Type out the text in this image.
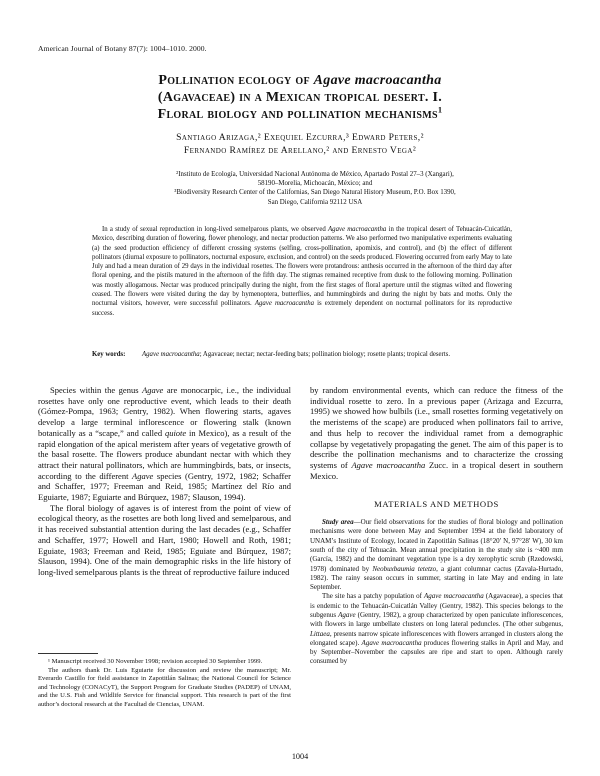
American Journal of Botany 87(7): 1004–1010. 2000.
Pollination ecology of Agave macroacantha
(Agavaceae) in a Mexican tropical desert. I.
Floral biology and pollination mechanisms$^1$
Santiago Arizaga,² Exequiel Ezcurra,³ Edward Peters,²
Fernando Ramírez de Arellano,² and Ernesto Vega²
²Instituto de Ecología, Universidad Nacional Autónoma de México, Apartado Postal 27–3 (Xangari),
58190–Morelia, Michoacán, México; and
³Biodiversity Research Center of the Californias, San Diego Natural History Museum, P.O. Box 1390,
San Diego, California 92112 USA
In a study of sexual reproduction in long-lived semelparous plants, we observed Agave macroacantha in the tropical desert of Tehuacán-Cuicatlán, Mexico, describing duration of flowering, flower phenology, and nectar production patterns. We also performed two manipulative experiments evaluating (a) the seed production efficiency of different crossing systems (selfing, cross-pollination, apomixis, and control), and (b) the effect of different pollinators (diurnal exposure to pollinators, nocturnal exposure, exclusion, and control) on the seeds produced. Flowering occurred from early May to late July and had a mean duration of 29 days in the individual rosettes. The flowers were protandrous: anthesis occurred in the afternoon of the third day after floral opening, and the pistils matured in the afternoon of the fifth day. The stigmas remained receptive from dusk to the following morning. Pollination was mostly allogamous. Nectar was produced principally during the night, from the first stages of floral aperture until the stigmas wilted and flowering ceased. The flowers were visited during the day by hymenoptera, butterflies, and hummingbirds and during the night by bats and moths. Only the nocturnal visitors, however, were successful pollinators. Agave macroacantha is extremely dependent on nocturnal pollinators for its reproductive success.
Key words: Agave macroacantha; Agavaceae; nectar; nectar-feeding bats; pollination biology; rosette plants; tropical deserts.

Species within the genus Agave are monocarpic, i.e., the individual rosettes have only one reproductive event, which leads to their death (Gómez-Pompa, 1963; Gentry, 1982). When flowering starts, agaves develop a large terminal inflorescence or flowering stalk (known botanically as a “scape,” and called quiote in Mexico), as a result of the rapid elongation of the apical meristem after years of vegetative growth of the basal rosette. The flowers produce abundant nectar with which they attract their natural pollinators, which are hummingbirds, bats, or insects, according to the different Agave species (Gentry, 1972, 1982; Schaffer and Schaffer, 1977; Freeman and Reid, 1985; Martínez del Río and Eguiarte, 1987; Eguiarte and Búrquez, 1987; Slauson, 1994).

The floral biology of agaves is of interest from the point of view of ecological theory, as the rosettes are both long lived and semelparous, and it has received substantial attention during the last decades (e.g., Schaffer and Schaffer, 1977; Howell and Hart, 1980; Howell and Roth, 1981; Eguiate, 1983; Freeman and Reid, 1985; Eguiate and Búrquez, 1987; Slauson, 1994). One of the main demographic risks in the life history of long-lived semelparous plants is the threat of reproductive failure induced

¹ Manuscript received 30 November 1998; revision accepted 30 September 1999.

The authors thank Dr. Luis Eguiarte for discussion and review the manuscript; Mr. Everardo Castillo for field assistance in Zapotitlán Salinas; the National Council for Science and Technology (CONACyT), the Support Program for Graduate Studies (PADEP) of UNAM, and the U.S. Fish and Wildlife Service for financial support. This research is part of the first author’s doctoral research at the Facultad de Ciencias, UNAM.

by random environmental events, which can reduce the fitness of the individual rosette to zero. In a previous paper (Arizaga and Ezcurra, 1995) we showed how bulbils (i.e., small rosettes forming vegetatively on the meristems of the scape) are produced when pollinators fail to arrive, and thus help to recover the individual ramet from a demographic collapse by vegetatively propagating the genet. The aim of this paper is to describe the pollination mechanisms and to characterize the crossing systems of Agave macroacantha Zucc. in a tropical desert in southern Mexico.

MATERIALS AND METHODS

Study area—Our field observations for the studies of floral biology and pollination mechanisms were done between May and September 1994 at the field laboratory of UNAM’s Institute of Ecology, located in Zapotitlán Salinas (18°20′ N, 97°28′ W), 30 km south of the city of Tehuacán. Mean annual precipitation in the study site is ~400 mm (García, 1982) and the dominant vegetation type is a dry xerophytic scrub (Rzedowski, 1978) dominated by Neobuxbaumia tetetzo, a giant columnar cactus (Zavala-Hurtado, 1982). The rainy season occurs in summer, starting in late May and ending in late September.

The site has a patchy population of Agave macroacantha (Agavaceae), a species that is endemic to the Tehuacán-Cuicatlán Valley (Gentry, 1982). This species belongs to the subgenus Agave (Gentry, 1982), a group characterized by open paniculate inflorescences, with flowers in large umbellate clusters on long lateral peduncles. (The other subgenus, Littaea, presents narrow spicate inflorescences with flowers arranged in clusters along the elongated scape). Agave macroacantha produces flowering stalks in April and May, and by September–November the capsules are ripe and start to open. Although rarely consumed by

1004
